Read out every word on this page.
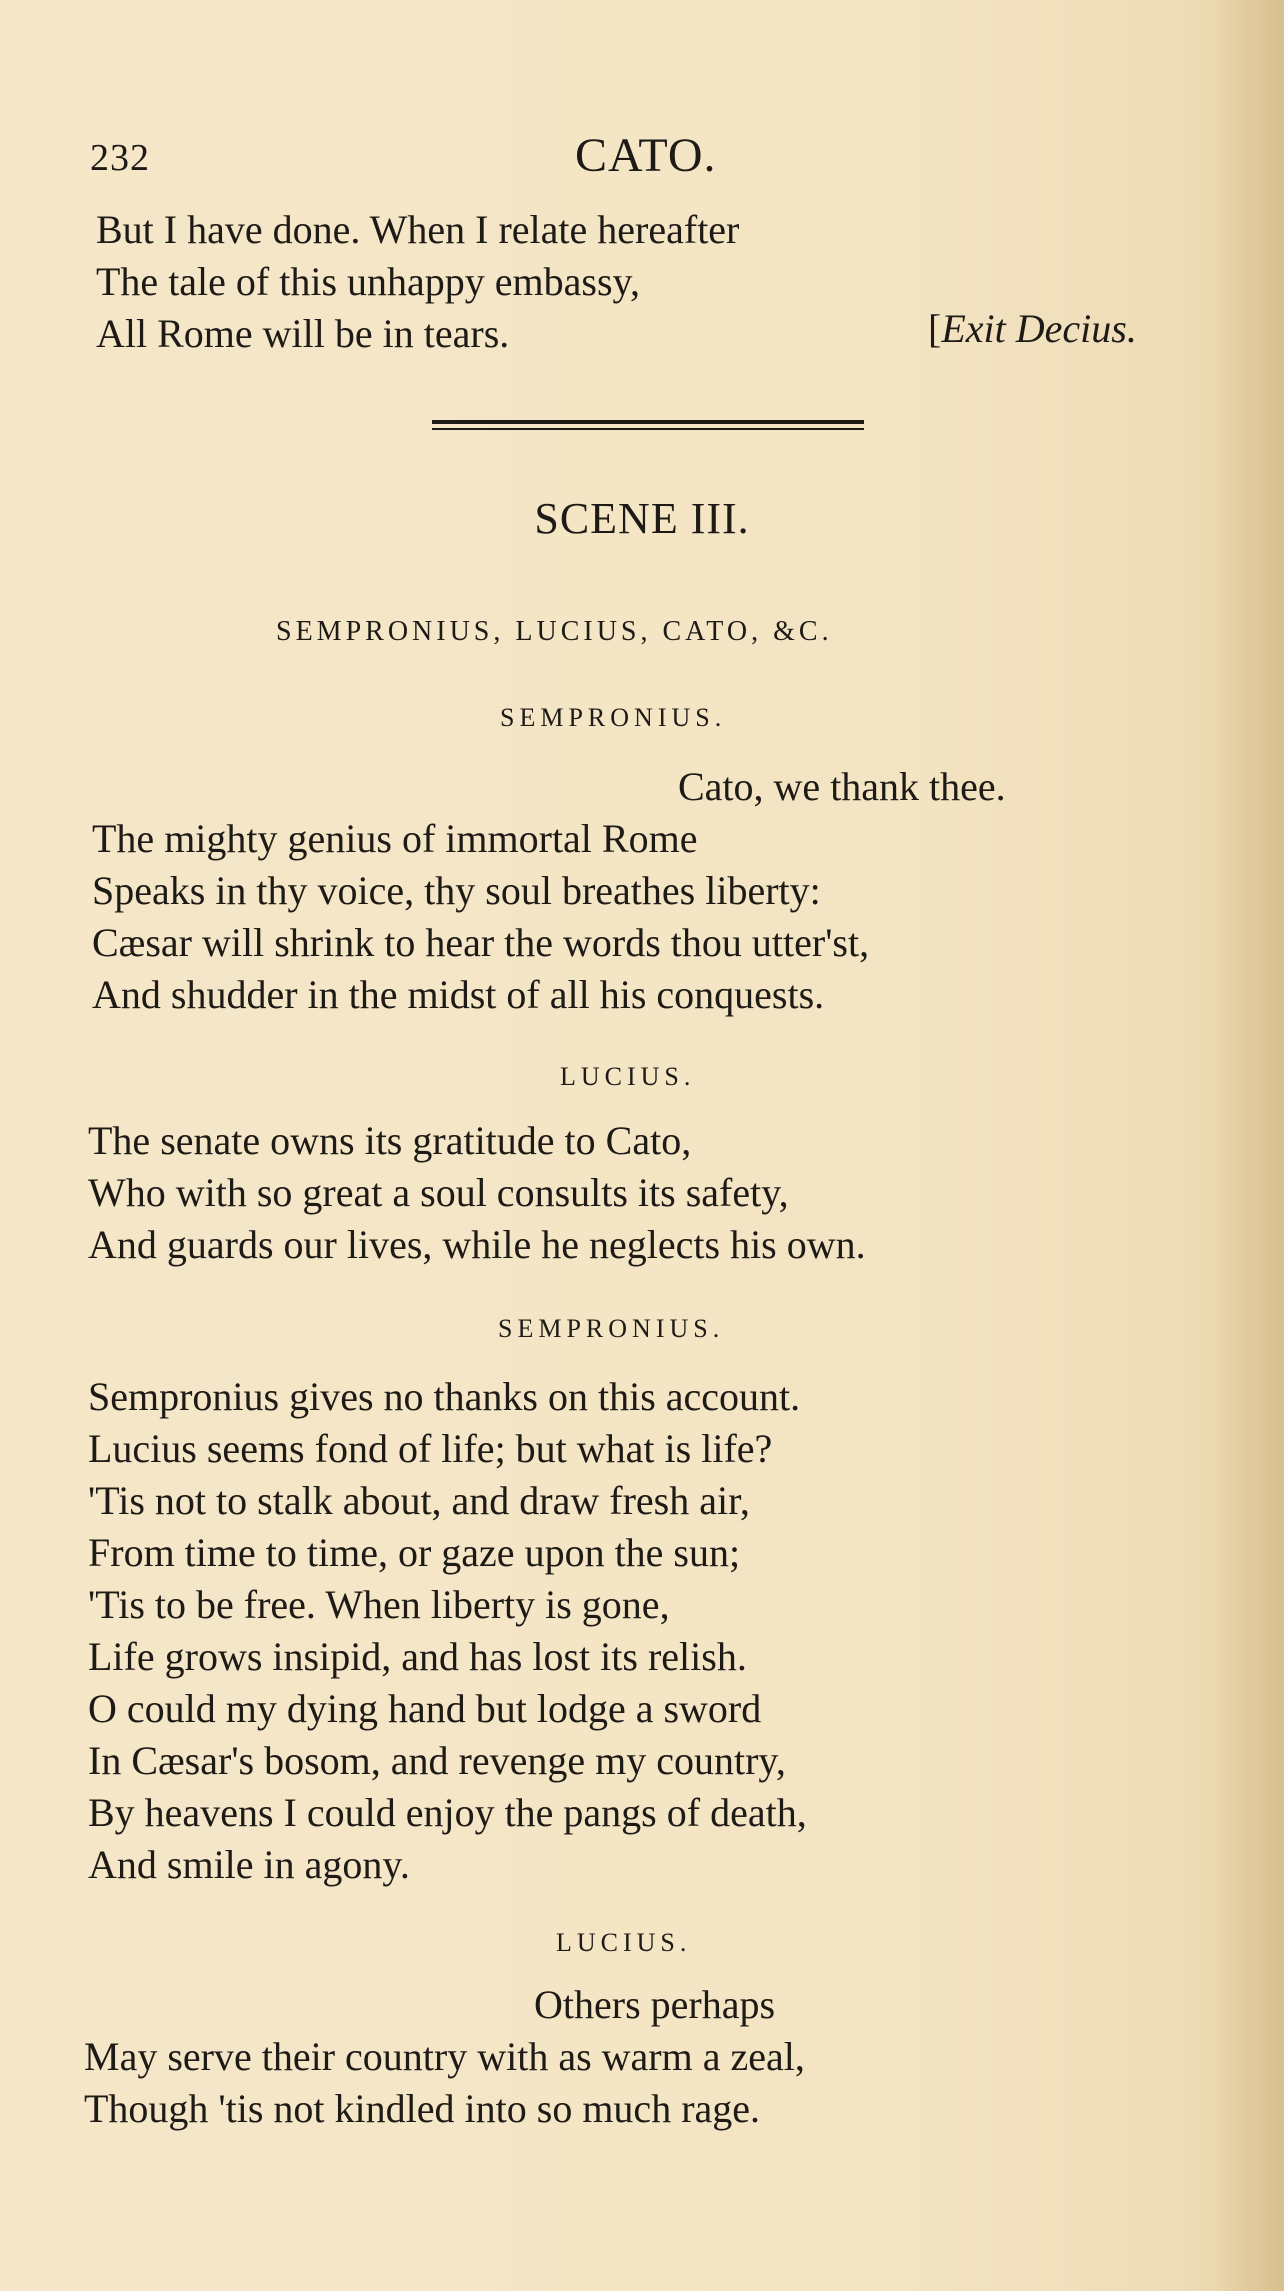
232	CATO.
But I have done. When I relate hereafter
The tale of this unhappy embassy,
All Rome will be in tears.	[Exit Decius.
SCENE III.
SEMPRONIUS, LUCIUS, CATO, &C.
SEMPRONIUS.
Cato, we thank thee.
The mighty genius of immortal Rome
Speaks in thy voice, thy soul breathes liberty:
Cæsar will shrink to hear the words thou utter'st,
And shudder in the midst of all his conquests.
LUCIUS.
The senate owns its gratitude to Cato,
Who with so great a soul consults its safety,
And guards our lives, while he neglects his own.
SEMPRONIUS.
Sempronius gives no thanks on this account.
Lucius seems fond of life; but what is life?
'Tis not to stalk about, and draw fresh air,
From time to time, or gaze upon the sun;
'Tis to be free. When liberty is gone,
Life grows insipid, and has lost its relish.
O could my dying hand but lodge a sword
In Cæsar's bosom, and revenge my country,
By heavens I could enjoy the pangs of death,
And smile in agony.
LUCIUS.
Others perhaps
May serve their country with as warm a zeal,
Though 'tis not kindled into so much rage.
